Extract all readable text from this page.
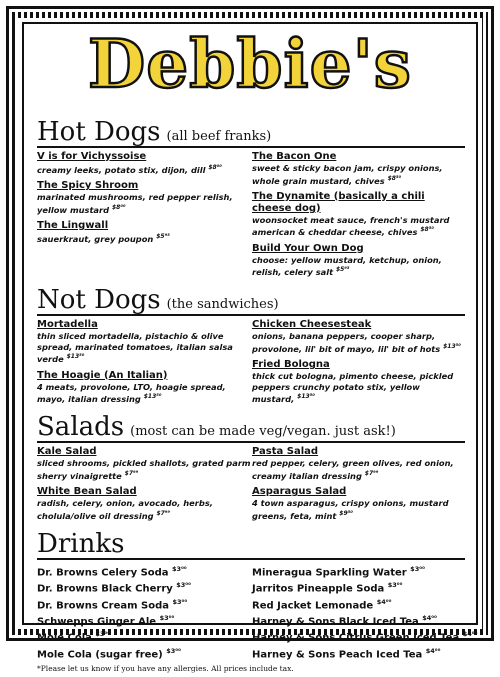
Debbie's
Hot Dogs (all beef franks)
V is for Vichyssoise
creamy leeks, potato stix, dijon, dill $^{\$8^{00}}$
The Spicy Shroom
marinated mushrooms, red pepper relish, yellow mustard $^{\$8^{00}}$
The Lingwall
sauerkraut, grey poupon $^{\$5^{95}}$
The Bacon One
sweet & sticky bacon jam, crispy onions, whole grain mustard, chives $^{\$8^{50}}$
The Dynamite (basically a chili cheese dog)
woonsocket meat sauce, french's mustard american & cheddar cheese, chives $^{\$8^{50}}$
Build Your Own Dog
choose: yellow mustard, ketchup, onion, relish, celery salt $^{\$5^{95}}$
Not Dogs (the sandwiches)
Mortadella
thin sliced mortadella, pistachio & olive spread, marinated tomatoes, italian salsa verde $^{\$13^{50}}$
The Hoagie (An Italian)
4 meats, provolone, LTO, hoagie spread, mayo, italian dressing $^{\$13^{50}}$
Chicken Cheesesteak
onions, banana peppers, cooper sharp, provolone, lil' bit of mayo, lil' bit of hots $^{\$13^{50}}$
Fried Bologna
thick cut bologna, pimento cheese, pickled peppers crunchy potato stix, yellow mustard, $^{\$13^{50}}$
Salads (most can be made veg/vegan. just ask!)
Kale Salad
sliced shrooms, pickled shallots, grated parm sherry vinaigrette $^{\$7^{99}}$
White Bean Salad
radish, celery, onion, avocado, herbs, cholula/olive oil dressing $^{\$7^{99}}$
Pasta Salad
red pepper, celery, green olives, red onion, creamy italian dressing $^{\$7^{99}}$
Asparagus Salad
4 town asparagus, crispy onions, mustard greens, feta, mint $^{\$9^{50}}$
Drinks
Dr. Browns Celery Soda $^{\$3^{00}}$
Dr. Browns Black Cherry $^{\$3^{00}}$
Dr. Browns Cream Soda $^{\$3^{00}}$
Schwepps Ginger Ale $^{\$3^{00}}$
Mole Cola $^{\$3^{00}}$
Mole Cola (sugar free) $^{\$3^{00}}$
Mineragua Sparkling Water $^{\$3^{00}}$
Jarritos Pineapple Soda $^{\$3^{00}}$
Red Jacket Lemonade $^{\$4^{00}}$
Harney & Sons Black Iced Tea $^{\$4^{00}}$
Harney & Sons Citrus Green Iced Tea $^{\$4^{00}}$
Harney & Sons Peach Iced Tea $^{\$4^{00}}$
*Please let us know if you have any allergies. All prices include tax.
